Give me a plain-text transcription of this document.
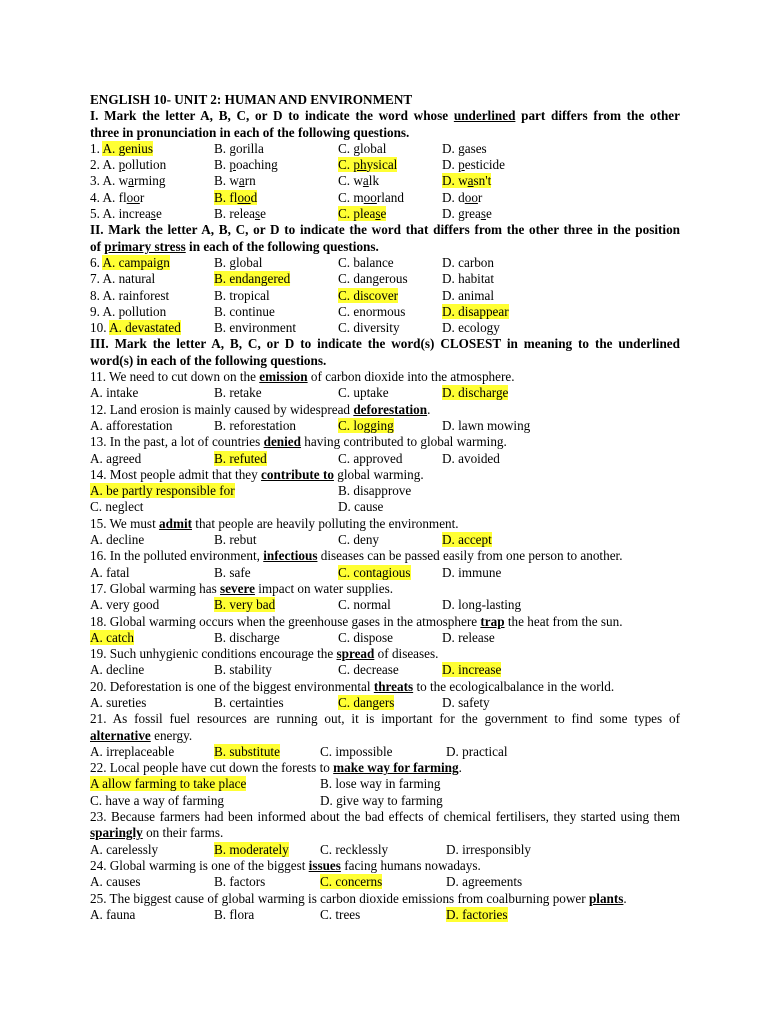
ENGLISH 10- UNIT 2: HUMAN AND ENVIRONMENT
I. Mark the letter A, B, C, or D to indicate the word whose underlined part differs from the other
three in pronunciation in each of the following questions.
1. A. genius	B. gorilla	C. global	D. gases
2. A. pollution	B. poaching	C. physical	D. pesticide
3. A. warming	B. warn	C. walk	D. wasn't
4. A. floor	B. flood	C. moorland	D. door
5. A. increase	B. release	C. please	D. grease
II. Mark the letter A, B, C, or D to indicate the word that differs from the other three in the position
of primary stress in each of the following questions.
6. A. campaign	B. global	C. balance	D. carbon
7. A. natural	B. endangered	C. dangerous	D. habitat
8. A. rainforest	B. tropical	C. discover	D. animal
9. A. pollution	B. continue	C. enormous	D. disappear
10. A. devastated	B. environment	C. diversity	D. ecology
III. Mark the letter A, B, C, or D to indicate the word(s) CLOSEST in meaning to the underlined
word(s) in each of the following questions.
11. We need to cut down on the emission of carbon dioxide into the atmosphere.
A. intake	B. retake	C. uptake	D. discharge
12. Land erosion is mainly caused by widespread deforestation.
A. afforestation	B. reforestation	C. logging	D. lawn mowing
13. In the past, a lot of countries denied having contributed to global warming.
A. agreed	B. refuted	C. approved	D. avoided
14. Most people admit that they contribute to global warming.
A. be partly responsible for	B. disapprove
C. neglect	D. cause
15. We must admit that people are heavily polluting the environment.
A. decline	B. rebut	C. deny	D. accept
16. In the polluted environment, infectious diseases can be passed easily from one person to another.
A. fatal	B. safe	C. contagious D. immune
17. Global warming has severe impact on water supplies.
A. very good	B. very bad	C. normal	D. long-lasting
18. Global warming occurs when the greenhouse gases in the atmosphere trap the heat from the sun.
A. catch	B. discharge	C. dispose	D. release
19. Such unhygienic conditions encourage the spread of diseases.
A. decline	B. stability	C. decrease	D. increase
20. Deforestation is one of the biggest environmental threats to the ecologicalbalance in the world.
A. sureties	B. certainties	C. dangers	D. safety
21. As fossil fuel resources are running out, it is important for the government to find some types of
alternative energy.
A. irreplaceable	B. substitute	C. impossible	D. practical
22. Local people have cut down the forests to make way for farming.
A allow farming to take place	B. lose way in farming
C. have a way of farming	D. give way to farming
23. Because farmers had been informed about the bad effects of chemical fertilisers, they started using them
sparingly on their farms.
A. carelessly	B. moderately C. recklessly	D. irresponsibly
24. Global warming is one of the biggest issues facing humans nowadays.
A. causes	B. factors	C. concerns	D. agreements
25. The biggest cause of global warming is carbon dioxide emissions from coalburning power plants.
A. fauna	B. flora	C. trees	D. factories
